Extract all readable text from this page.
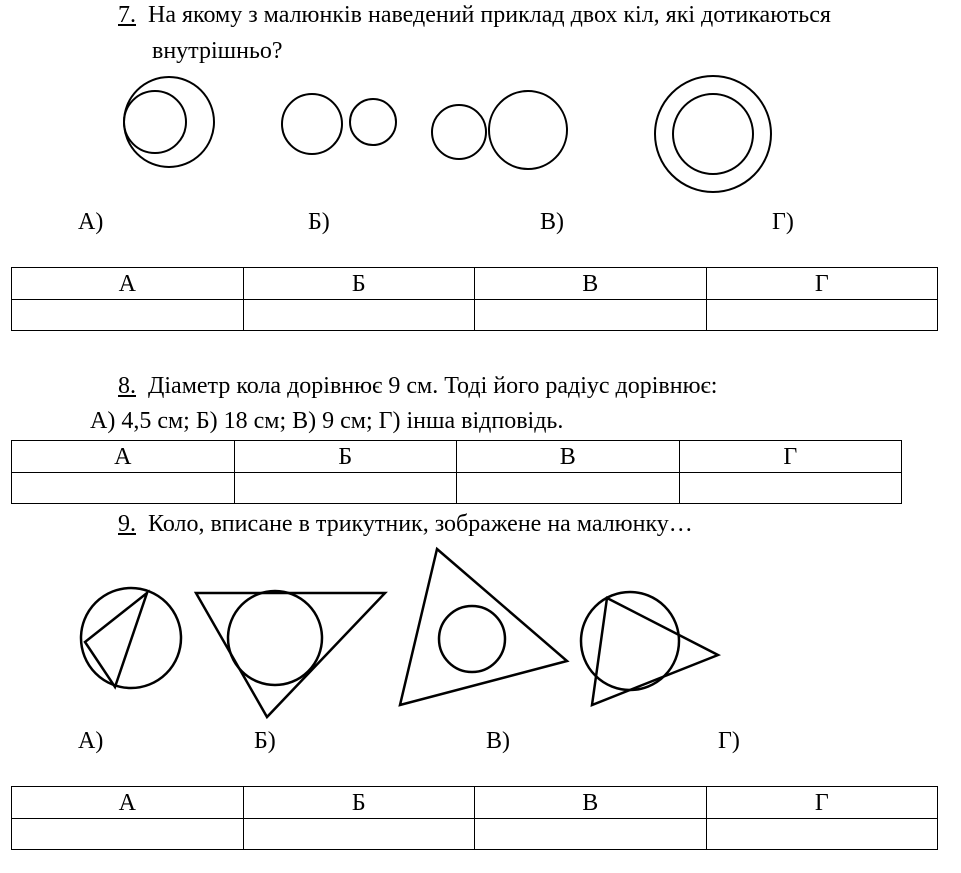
7. На якому з малюнків наведений приклад двох кіл, які дотикаються
внутрішньо?
А)	Б)	В)	Г)
А	Б	В	Г

8. Діаметр кола дорівнює 9 см. Тоді його радіус дорівнює:
А) 4,5 см; Б) 18 см; В) 9 см; Г) інша відповідь.
А	Б	В	Г

9. Коло, вписане в трикутник, зображене на малюнку…
А)	Б)	В)	Г)
А	Б	В	Г
